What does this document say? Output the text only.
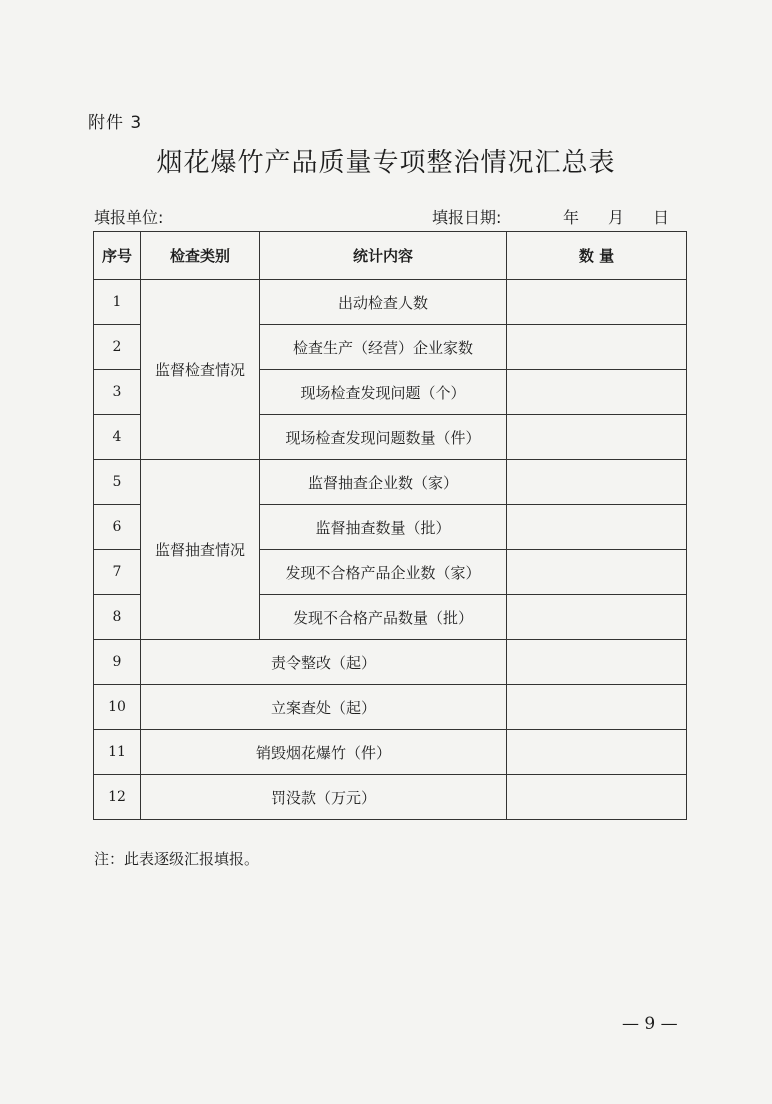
附件 3
烟花爆竹产品质量专项整治情况汇总表
填报单位:	填报日期:	年 月 日
序号	检查类别	统计内容	数 量
1	监督检查情况	出动检查人数	
2		检查生产（经营）企业家数	
3		现场检查发现问题（个）	
4		现场检查发现问题数量（件）	
5	监督抽查情况	监督抽查企业数（家）	
6		监督抽查数量（批）	
7		发现不合格产品企业数（家）	
8		发现不合格产品数量（批）	
9	责令整改（起）		
10	立案查处（起）		
11	销毁烟花爆竹（件）		
12	罚没款（万元）		
注：此表逐级汇报填报。
— 9 —
